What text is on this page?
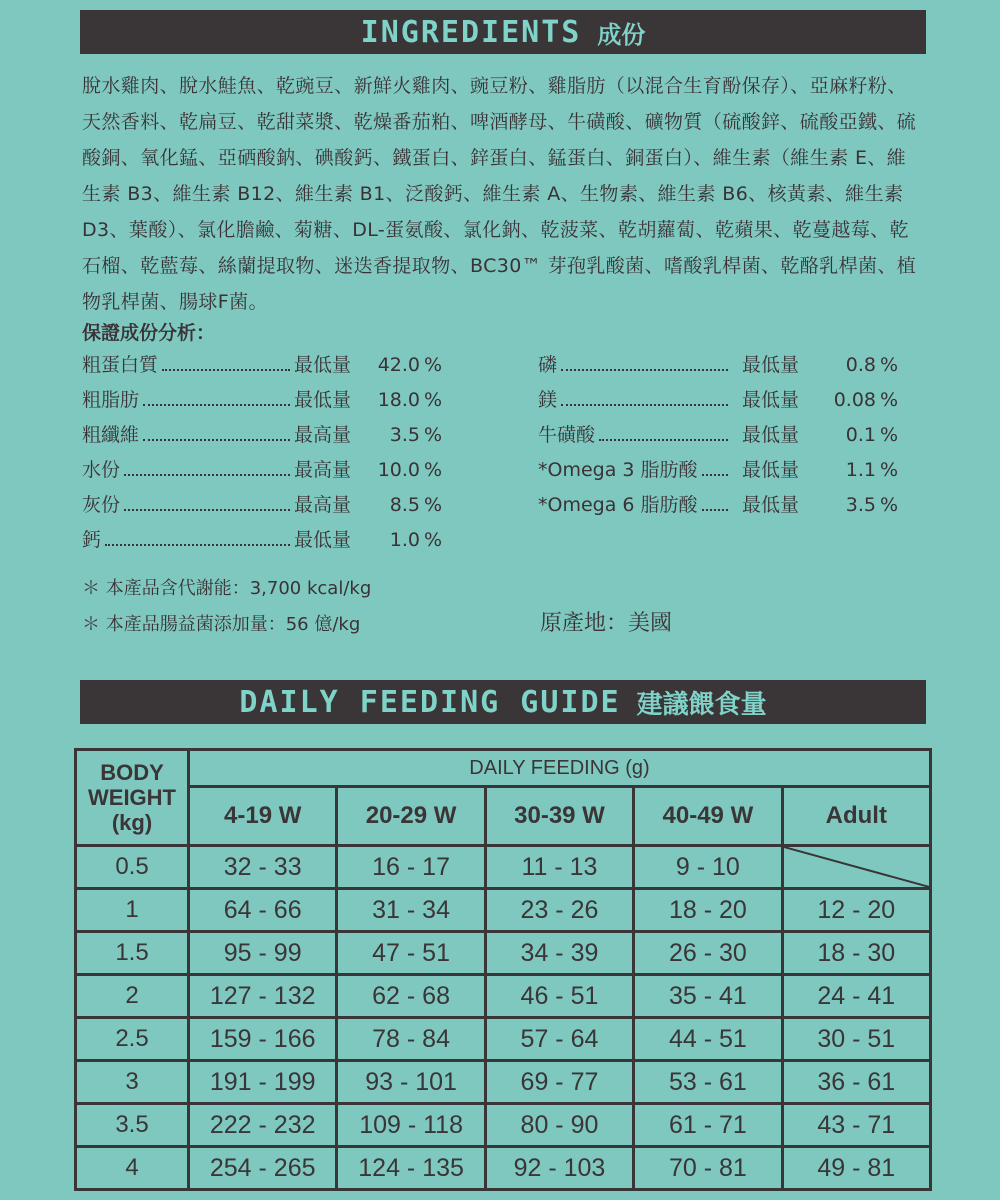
INGREDIENTS 成份

脫水雞肉、脫水鮭魚、乾豌豆、新鮮火雞肉、豌豆粉、雞脂肪（以混合生育酚保存）、亞麻籽粉、天然香料、乾扁豆、乾甜菜漿、乾燥番茄粕、啤酒酵母、牛磺酸、礦物質（硫酸鋅、硫酸亞鐵、硫酸銅、氧化錳、亞硒酸鈉、碘酸鈣、鐵蛋白、鋅蛋白、錳蛋白、銅蛋白）、維生素（維生素 E、維生素 B3、維生素 B12、維生素 B1、泛酸鈣、維生素 A、生物素、維生素 B6、核黃素、維生素 D3、葉酸）、氯化膽鹼、菊糖、DL-蛋氨酸、氯化鈉、乾菠菜、乾胡蘿蔔、乾蘋果、乾蔓越莓、乾石榴、乾藍莓、絲蘭提取物、迷迭香提取物、BC30™ 芽孢乳酸菌、嗜酸乳桿菌、乾酪乳桿菌、植物乳桿菌、腸球F菌。

保證成份分析：
粗蛋白質	最低量	42.0 %
粗脂肪	最低量	18.0 %
粗纖維	最高量	3.5 %
水份	最高量	10.0 %
灰份	最高量	8.5 %
鈣	最低量	1.0 %
磷	最低量	0.8 %
鎂	最低量	0.08 %
牛磺酸	最低量	0.1 %
*Omega 3 脂肪酸 最低量	1.1 %
*Omega 6 脂肪酸 最低量	3.5 %
＊ 本產品含代謝能：3,700 kcal/kg
＊ 本產品腸益菌添加量：56 億/kg	原產地：美國
DAILY FEEDING GUIDE 建議餵食量
BODY WEIGHT (kg)	DAILY FEEDING (g)				
	4-19 W	20-29 W	30-39 W	40-49 W	Adult
0.5	32 - 33	16 - 17	11 - 13	9 - 10	

1	64 - 66	31 - 34	23 - 26	18 - 20	12 - 20
1.5	95 - 99	47 - 51	34 - 39	26 - 30	18 - 30
2	127 - 132	62 - 68	46 - 51	35 - 41	24 - 41
2.5	159 - 166	78 - 84	57 - 64	44 - 51	30 - 51
3	191 - 199	93 - 101	69 - 77	53 - 61	36 - 61
3.5	222 - 232	109 - 118	80 - 90	61 - 71	43 - 71
4	254 - 265	124 - 135	92 - 103	70 - 81	49 - 81
